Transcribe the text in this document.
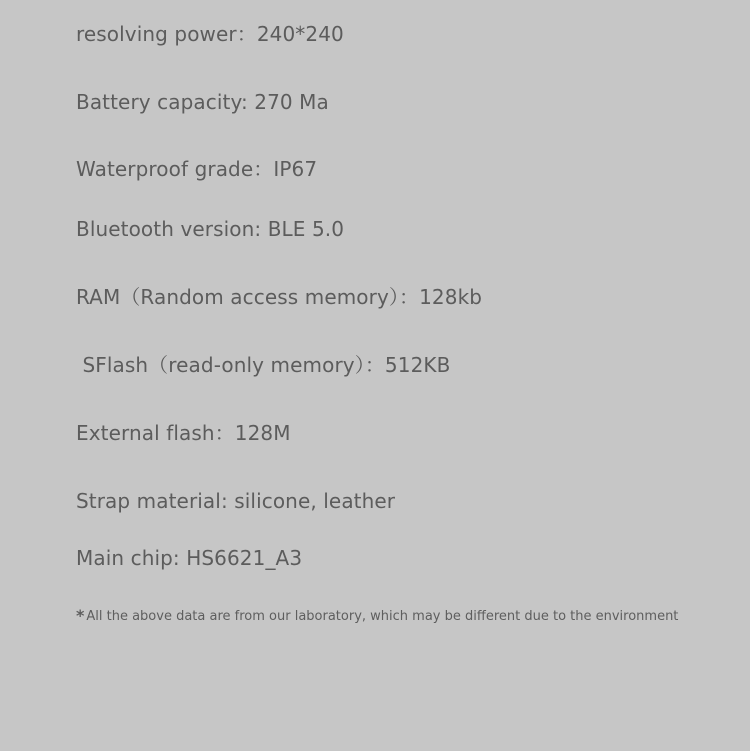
resolving power：240*240
Battery capacity: 270 Ma
Waterproof grade：IP67
Bluetooth version: BLE 5.0
RAM（Random access memory）：128kb
SFlash（read-only memory）：512KB
External flash：128M
Strap material: silicone, leather
Main chip: HS6621_A3
* All the above data are from our laboratory, which may be different due to the environment
